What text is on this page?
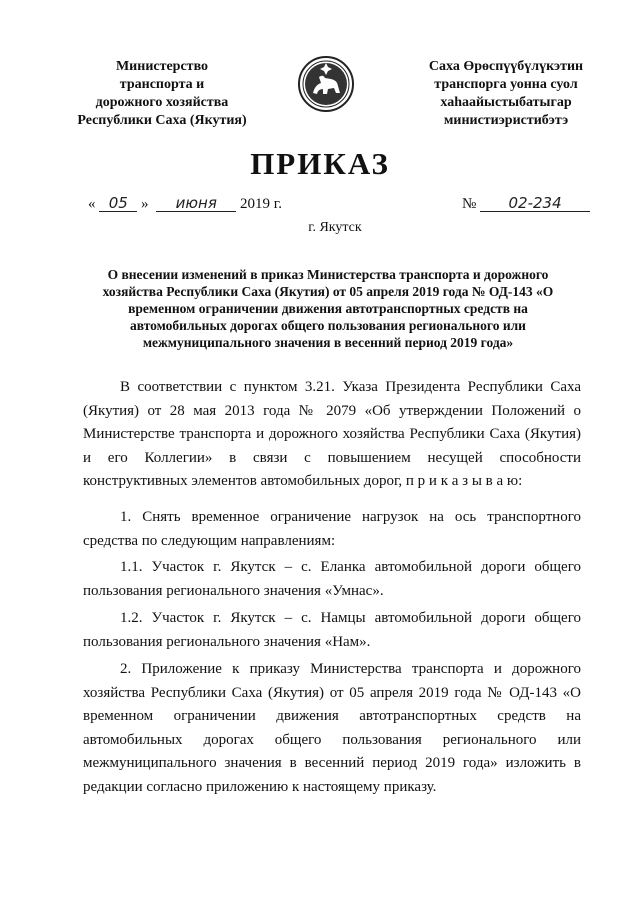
Министерство
транспорта и
дорожного хозяйства
Республики Саха (Якутия)
Саха Өрөспүүбүлүкэтин
транспорга уонна суол
хаһаайыстыбатыгар
министиэристибэтэ
ПРИКАЗ
« 05 » июня 2019 г.	№ 02-234
г. Якутск
О внесении изменений в приказ Министерства транспорта и дорожного хозяйства Республики Саха (Якутия) от 05 апреля 2019 года № ОД-143 «О временном ограничении движения автотранспортных средств на автомобильных дорогах общего пользования регионального или межмуниципального значения в весенний период 2019 года»
В соответствии с пунктом 3.21. Указа Президента Республики Саха (Якутия) от 28 мая 2013 года № 2079 «Об утверждении Положений о Министерстве транспорта и дорожного хозяйства Республики Саха (Якутия) и его Коллегии» в связи с повышением несущей способности конструктивных элементов автомобильных дорог, п р и к а з ы в а ю:
1. Снять временное ограничение нагрузок на ось транспортного средства по следующим направлениям:
1.1. Участок г. Якутск – с. Еланка автомобильной дороги общего пользования регионального значения «Умнас».
1.2. Участок г. Якутск – с. Намцы автомобильной дороги общего пользования регионального значения «Нам».
2. Приложение к приказу Министерства транспорта и дорожного хозяйства Республики Саха (Якутия) от 05 апреля 2019 года № ОД-143 «О временном ограничении движения автотранспортных средств на автомобильных дорогах общего пользования регионального или межмуниципального значения в весенний период 2019 года» изложить в редакции согласно приложению к настоящему приказу.
